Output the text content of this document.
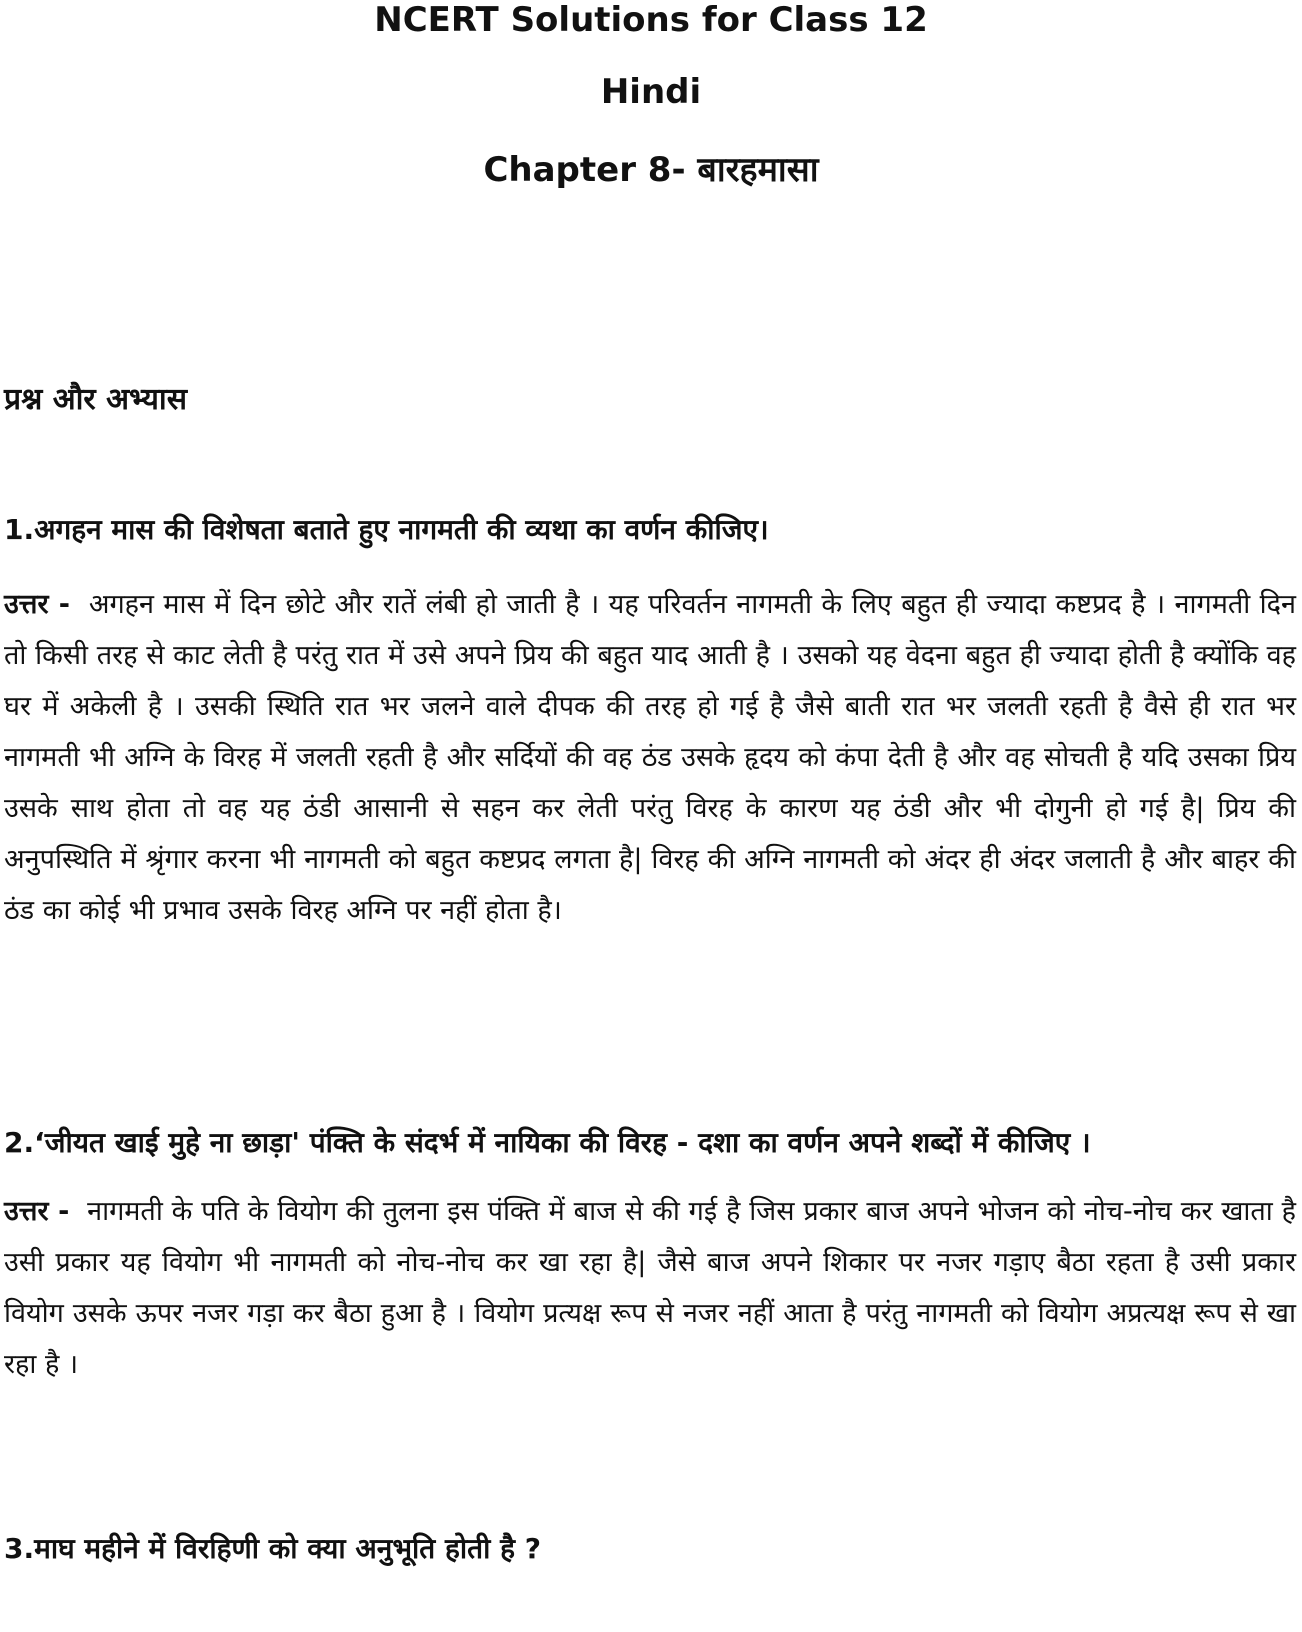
NCERT Solutions for Class 12
Hindi
Chapter 8- बारहमासा
प्रश्न और अभ्यास

1.अगहन मास की विशेषता बताते हुए नागमती की व्यथा का वर्णन कीजिए।

उत्तर - अगहन मास में दिन छोटे और रातें लंबी हो जाती है । यह परिवर्तन नागमती के लिए बहुत ही ज्यादा कष्टप्रद है । नागमती दिन तो किसी तरह से काट लेती है परंतु रात में उसे अपने प्रिय की बहुत याद आती है । उसको यह वेदना बहुत ही ज्यादा होती है क्योंकि वह घर में अकेली है । उसकी स्थिति रात भर जलने वाले दीपक की तरह हो गई है जैसे बाती रात भर जलती रहती है वैसे ही रात भर नागमती भी अग्नि के विरह में जलती रहती है और सर्दियों की वह ठंड उसके हृदय को कंपा देती है और वह सोचती है यदि उसका प्रिय उसके साथ होता तो वह यह ठंडी आसानी से सहन कर लेती परंतु विरह के कारण यह ठंडी और भी दोगुनी हो गई है| प्रिय की अनुपस्थिति में श्रृंगार करना भी नागमती को बहुत कष्टप्रद लगता है| विरह की अग्नि नागमती को अंदर ही अंदर जलाती है और बाहर की ठंड का कोई भी प्रभाव उसके विरह अग्नि पर नहीं होता है।

2.‘जीयत खाई मुहे ना छाड़ा' पंक्ति के संदर्भ में नायिका की विरह - दशा का वर्णन अपने शब्दों में कीजिए ।

उत्तर - नागमती के पति के वियोग की तुलना इस पंक्ति में बाज से की गई है जिस प्रकार बाज अपने भोजन को नोच-नोच कर खाता है उसी प्रकार यह वियोग भी नागमती को नोच-नोच कर खा रहा है| जैसे बाज अपने शिकार पर नजर गड़ाए बैठा रहता है उसी प्रकार वियोग उसके ऊपर नजर गड़ा कर बैठा हुआ है । वियोग प्रत्यक्ष रूप से नजर नहीं आता है परंतु नागमती को वियोग अप्रत्यक्ष रूप से खा रहा है ।

3.माघ महीने में विरहिणी को क्या अनुभूति होती है ?
